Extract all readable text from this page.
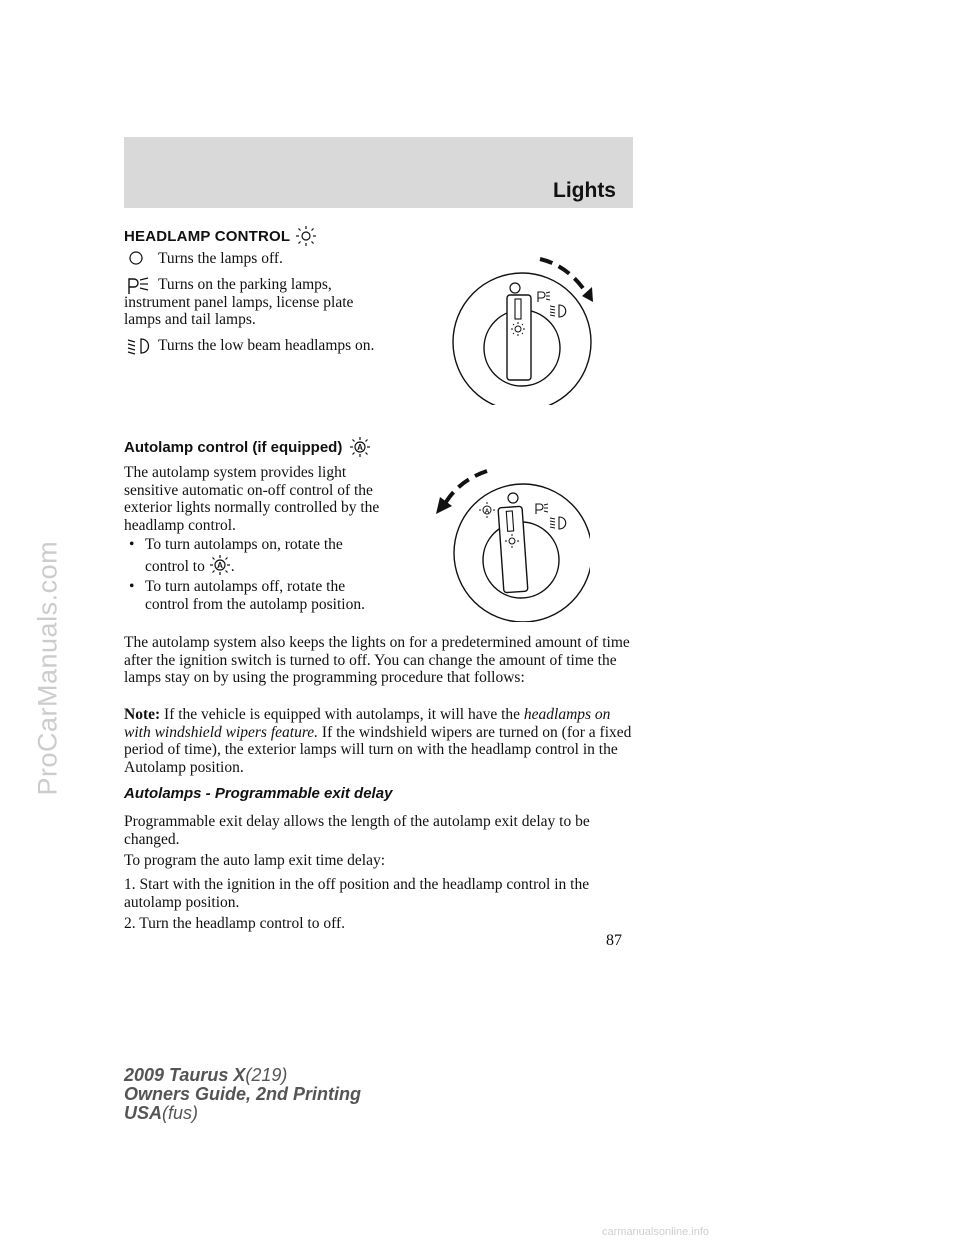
Lights
HEADLAMP CONTROL
Turns the lamps off.
Turns on the parking lamps, instrument panel lamps, license plate lamps and tail lamps.
Turns the low beam headlamps on.
Autolamp control (if equipped) A
The autolamp system provides light sensitive automatic on-off control of the exterior lights normally controlled by the headlamp control.
• To turn autolamps on, rotate the control to A .
• To turn autolamps off, rotate the control from the autolamp position.
A
The autolamp system also keeps the lights on for a predetermined amount of time after the ignition switch is turned to off. You can change the amount of time the lamps stay on by using the programming procedure that follows:
Note: If the vehicle is equipped with autolamps, it will have the headlamps on with windshield wipers feature. If the windshield wipers are turned on (for a fixed period of time), the exterior lamps will turn on with the headlamp control in the Autolamp position.
Autolamps - Programmable exit delay
Programmable exit delay allows the length of the autolamp exit delay to be changed.
To program the auto lamp exit time delay:
1. Start with the ignition in the off position and the headlamp control in the autolamp position.
2. Turn the headlamp control to off.
87
2009 Taurus X(219)
Owners Guide, 2nd Printing
USA(fus)
ProCarManuals.com
carmanualsonline.info
